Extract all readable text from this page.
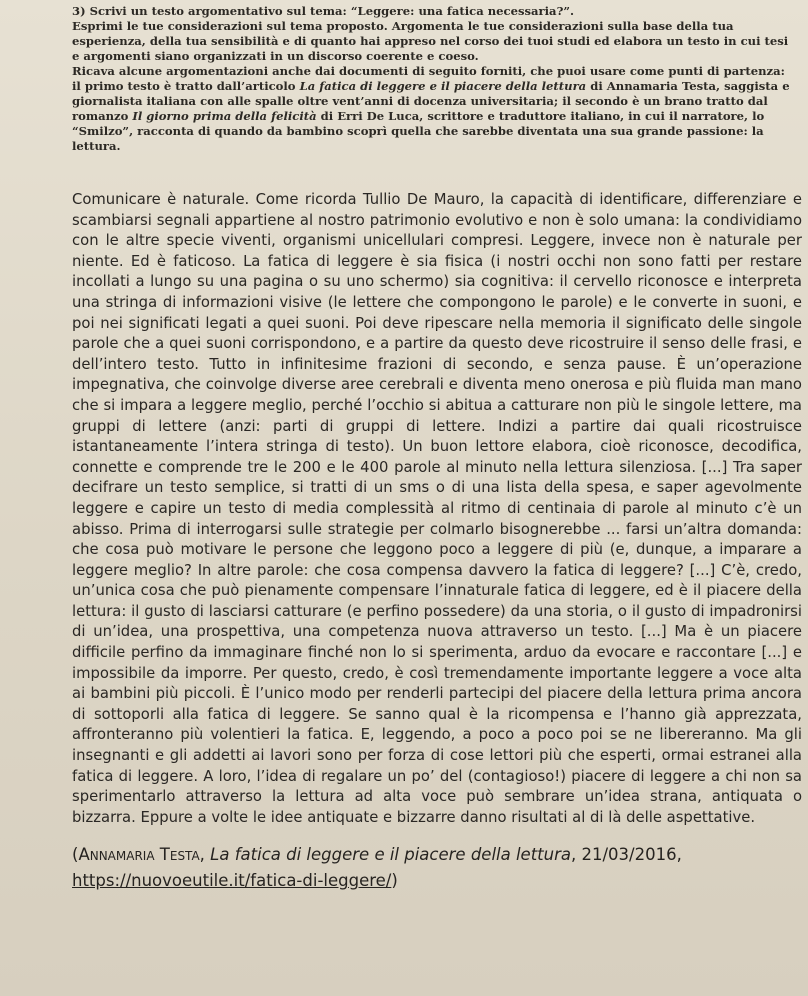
3) Scrivi un testo argomentativo sul tema: “Leggere: una fatica necessaria?”.

Esprimi le tue considerazioni sul tema proposto. Argomenta le tue considerazioni sulla base della tua esperienza, della tua sensibilità e di quanto hai appreso nel corso dei tuoi studi ed elabora un testo in cui tesi e argomenti siano organizzati in un discorso coerente e coeso.

Ricava alcune argomentazioni anche dai documenti di seguito forniti, che puoi usare come punti di partenza: il primo testo è tratto dall’articolo La fatica di leggere e il piacere della lettura di Annamaria Testa, saggista e giornalista italiana con alle spalle oltre vent’anni di docenza universitaria; il secondo è un brano tratto dal romanzo Il giorno prima della felicità di Erri De Luca, scrittore e traduttore italiano, in cui il narratore, lo “Smilzo”, racconta di quando da bambino scoprì quella che sarebbe diventata una sua grande passione: la lettura.

Comunicare è naturale. Come ricorda Tullio De Mauro, la capacità di identificare, differenziare e scambiarsi segnali appartiene al nostro patrimonio evolutivo e non è solo umana: la condividiamo con le altre specie viventi, organismi unicellulari compresi. Leggere, invece non è naturale per niente. Ed è faticoso. La fatica di leggere è sia fisica (i nostri occhi non sono fatti per restare incollati a lungo su una pagina o su uno schermo) sia cognitiva: il cervello riconosce e interpreta una stringa di informazioni visive (le lettere che compongono le parole) e le converte in suoni, e poi nei significati legati a quei suoni. Poi deve ripescare nella memoria il significato delle singole parole che a quei suoni corrispondono, e a partire da questo deve ricostruire il senso delle frasi, e dell’intero testo. Tutto in infinitesime frazioni di secondo, e senza pause. È un’operazione impegnativa, che coinvolge diverse aree cerebrali e diventa meno onerosa e più fluida man mano che si impara a leggere meglio, perché l’occhio si abitua a catturare non più le singole lettere, ma gruppi di lettere (anzi: parti di gruppi di lettere. Indizi a partire dai quali ricostruisce istantaneamente l’intera stringa di testo). Un buon lettore elabora, cioè riconosce, decodifica, connette e comprende tre le 200 e le 400 parole al minuto nella lettura silenziosa. [...] Tra saper decifrare un testo semplice, si tratti di un sms o di una lista della spesa, e saper agevolmente leggere e capire un testo di media complessità al ritmo di centinaia di parole al minuto c’è un abisso. Prima di interrogarsi sulle strategie per colmarlo bisognerebbe ... farsi un’altra domanda: che cosa può motivare le persone che leggono poco a leggere di più (e, dunque, a imparare a leggere meglio? In altre parole: che cosa compensa davvero la fatica di leggere? [...] C’è, credo, un’unica cosa che può pienamente compensare l’innaturale fatica di leggere, ed è il piacere della lettura: il gusto di lasciarsi catturare (e perfino possedere) da una storia, o il gusto di impadronirsi di un’idea, una prospettiva, una competenza nuova attraverso un testo. [...] Ma è un piacere difficile perfino da immaginare finché non lo si sperimenta, arduo da evocare e raccontare [...] e impossibile da imporre. Per questo, credo, è così tremendamente importante leggere a voce alta ai bambini più piccoli. È l’unico modo per renderli partecipi del piacere della lettura prima ancora di sottoporli alla fatica di leggere. Se sanno qual è la ricompensa e l’hanno già apprezzata, affronteranno più volentieri la fatica. E, leggendo, a poco a poco poi se ne libereranno. Ma gli insegnanti e gli addetti ai lavori sono per forza di cose lettori più che esperti, ormai estranei alla fatica di leggere. A loro, l’idea di regalare un po’ del (contagioso!) piacere di leggere a chi non sa sperimentarlo attraverso la lettura ad alta voce può sembrare un’idea strana, antiquata o bizzarra. Eppure a volte le idee antiquate e bizzarre danno risultati al di là delle aspettative.

(Annamaria Testa, La fatica di leggere e il piacere della lettura, 21/03/2016,
https://nuovoeutile.it/fatica-di-leggere/)
